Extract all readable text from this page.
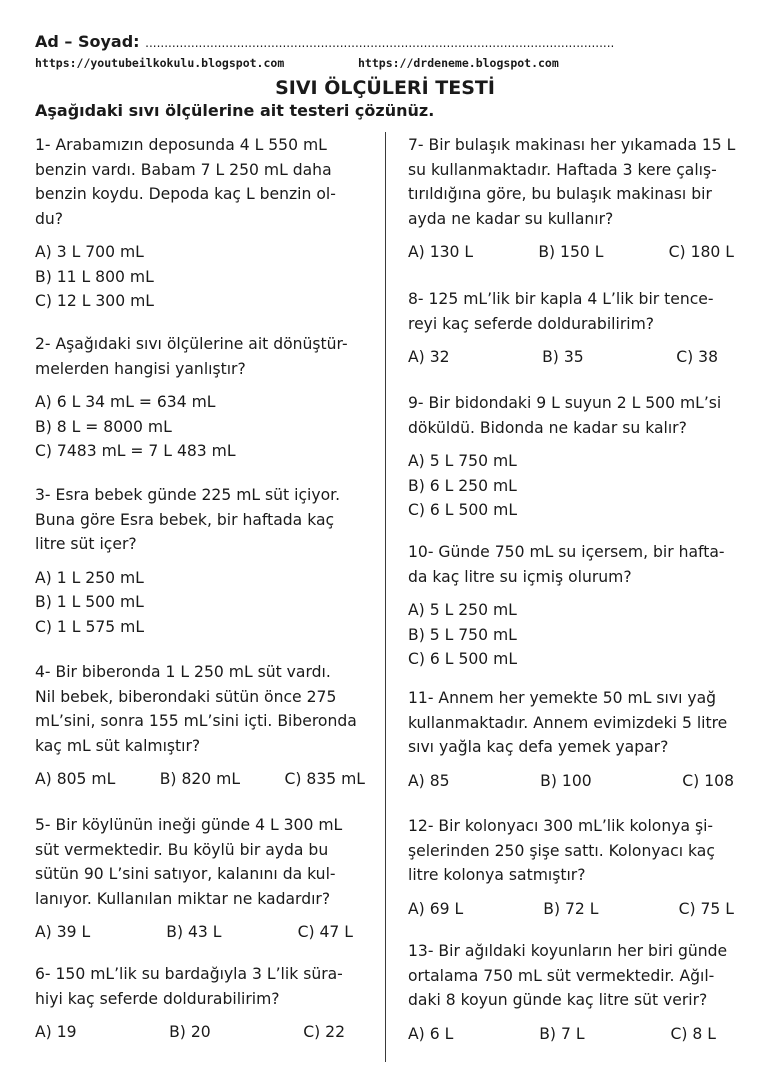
Ad – Soyad: ...........................................................................................................................
https://youtubeilkokulu.blogspot.com	https://drdeneme.blogspot.com
SIVI ÖLÇÜLERİ TESTİ
Aşağıdaki sıvı ölçülerine ait testeri çözünüz.
1- Arabamızın deposunda 4 L 550 mL
benzin vardı. Babam 7 L 250 mL daha
benzin koydu. Depoda kaç L benzin ol-
du?
A) 3 L 700 mL
B) 11 L 800 mL
C) 12 L 300 mL
2- Aşağıdaki sıvı ölçülerine ait dönüştür-
melerden hangisi yanlıştır?
A) 6 L 34 mL = 634 mL
B) 8 L = 8000 mL
C) 7483 mL = 7 L 483 mL
3- Esra bebek günde 225 mL süt içiyor.
Buna göre Esra bebek, bir haftada kaç
litre süt içer?
A) 1 L 250 mL
B) 1 L 500 mL
C) 1 L 575 mL
4- Bir biberonda 1 L 250 mL süt vardı.
Nil bebek, biberondaki sütün önce 275
mL’sini, sonra 155 mL’sini içti. Biberonda
kaç mL süt kalmıştır?
A) 805 mL	B) 820 mL	C) 835 mL
5- Bir köylünün ineği günde 4 L 300 mL
süt vermektedir. Bu köylü bir ayda bu
sütün 90 L’sini satıyor, kalanını da kul-
lanıyor. Kullanılan miktar ne kadardır?
A) 39 L	B) 43 L	C) 47 L
6- 150 mL’lik su bardağıyla 3 L’lik süra-
hiyi kaç seferde doldurabilirim?
A) 19	B) 20	C) 22
7- Bir bulaşık makinası her yıkamada 15 L
su kullanmaktadır. Haftada 3 kere çalış-
tırıldığına göre, bu bulaşık makinası bir
ayda ne kadar su kullanır?
A) 130 L	B) 150 L	C) 180 L
8- 125 mL’lik bir kapla 4 L’lik bir tence-
reyi kaç seferde doldurabilirim?
A) 32	B) 35	C) 38
9- Bir bidondaki 9 L suyun 2 L 500 mL’si
döküldü. Bidonda ne kadar su kalır?
A) 5 L 750 mL
B) 6 L 250 mL
C) 6 L 500 mL
10- Günde 750 mL su içersem, bir hafta-
da kaç litre su içmiş olurum?
A) 5 L 250 mL
B) 5 L 750 mL
C) 6 L 500 mL
11- Annem her yemekte 50 mL sıvı yağ
kullanmaktadır. Annem evimizdeki 5 litre
sıvı yağla kaç defa yemek yapar?
A) 85	B) 100	C) 108
12- Bir kolonyacı 300 mL’lik kolonya şi-
şelerinden 250 şişe sattı. Kolonyacı kaç
litre kolonya satmıştır?
A) 69 L	B) 72 L	C) 75 L
13- Bir ağıldaki koyunların her biri günde
ortalama 750 mL süt vermektedir. Ağıl-
daki 8 koyun günde kaç litre süt verir?
A) 6 L	B) 7 L	C) 8 L
